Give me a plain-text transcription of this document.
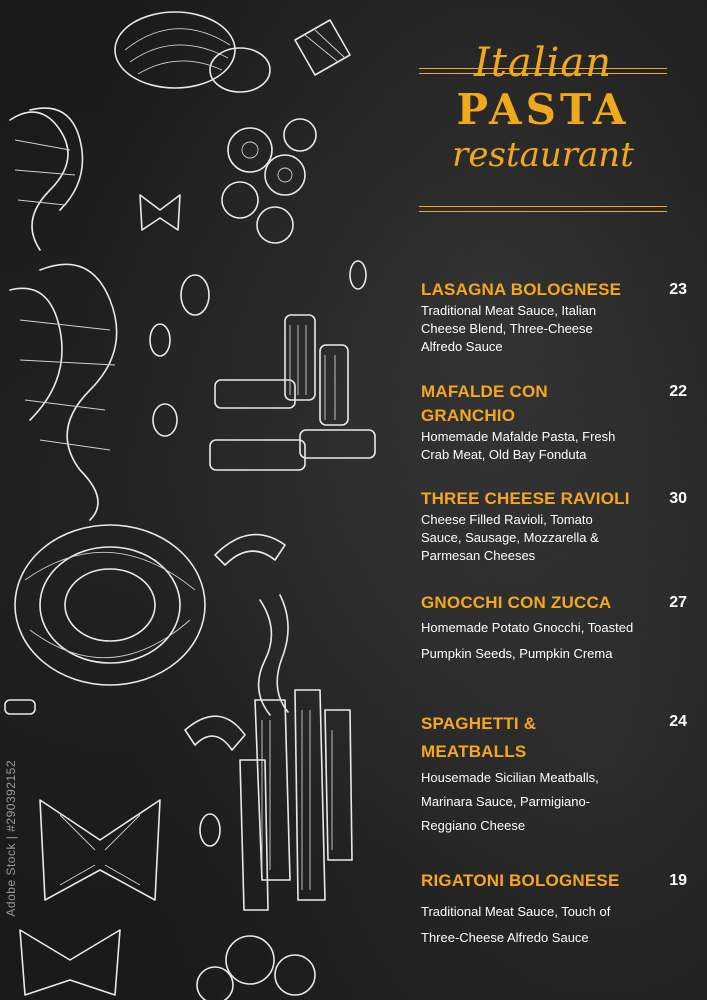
Adobe Stock | #290392152
Italian
PASTA
restaurant
LASAGNA BOLOGNESE	23
Traditional Meat Sauce, Italian Cheese Blend, Three-Cheese Alfredo Sauce
MAFALDE CON GRANCHIO
22
Homemade Mafalde Pasta, Fresh Crab Meat, Old Bay Fonduta
THREE CHEESE RAVIOLI	30
Cheese Filled Ravioli, Tomato Sauce, Sausage, Mozzarella & Parmesan Cheeses
GNOCCHI CON ZUCCA	27
Homemade Potato Gnocchi, Toasted Pumpkin Seeds, Pumpkin Crema
SPAGHETTI & MEATBALLS
24
Housemade Sicilian Meatballs, Marinara Sauce, Parmigiano-Reggiano Cheese
RIGATONI BOLOGNESE	19
Traditional Meat Sauce, Touch of Three-Cheese Alfredo Sauce
